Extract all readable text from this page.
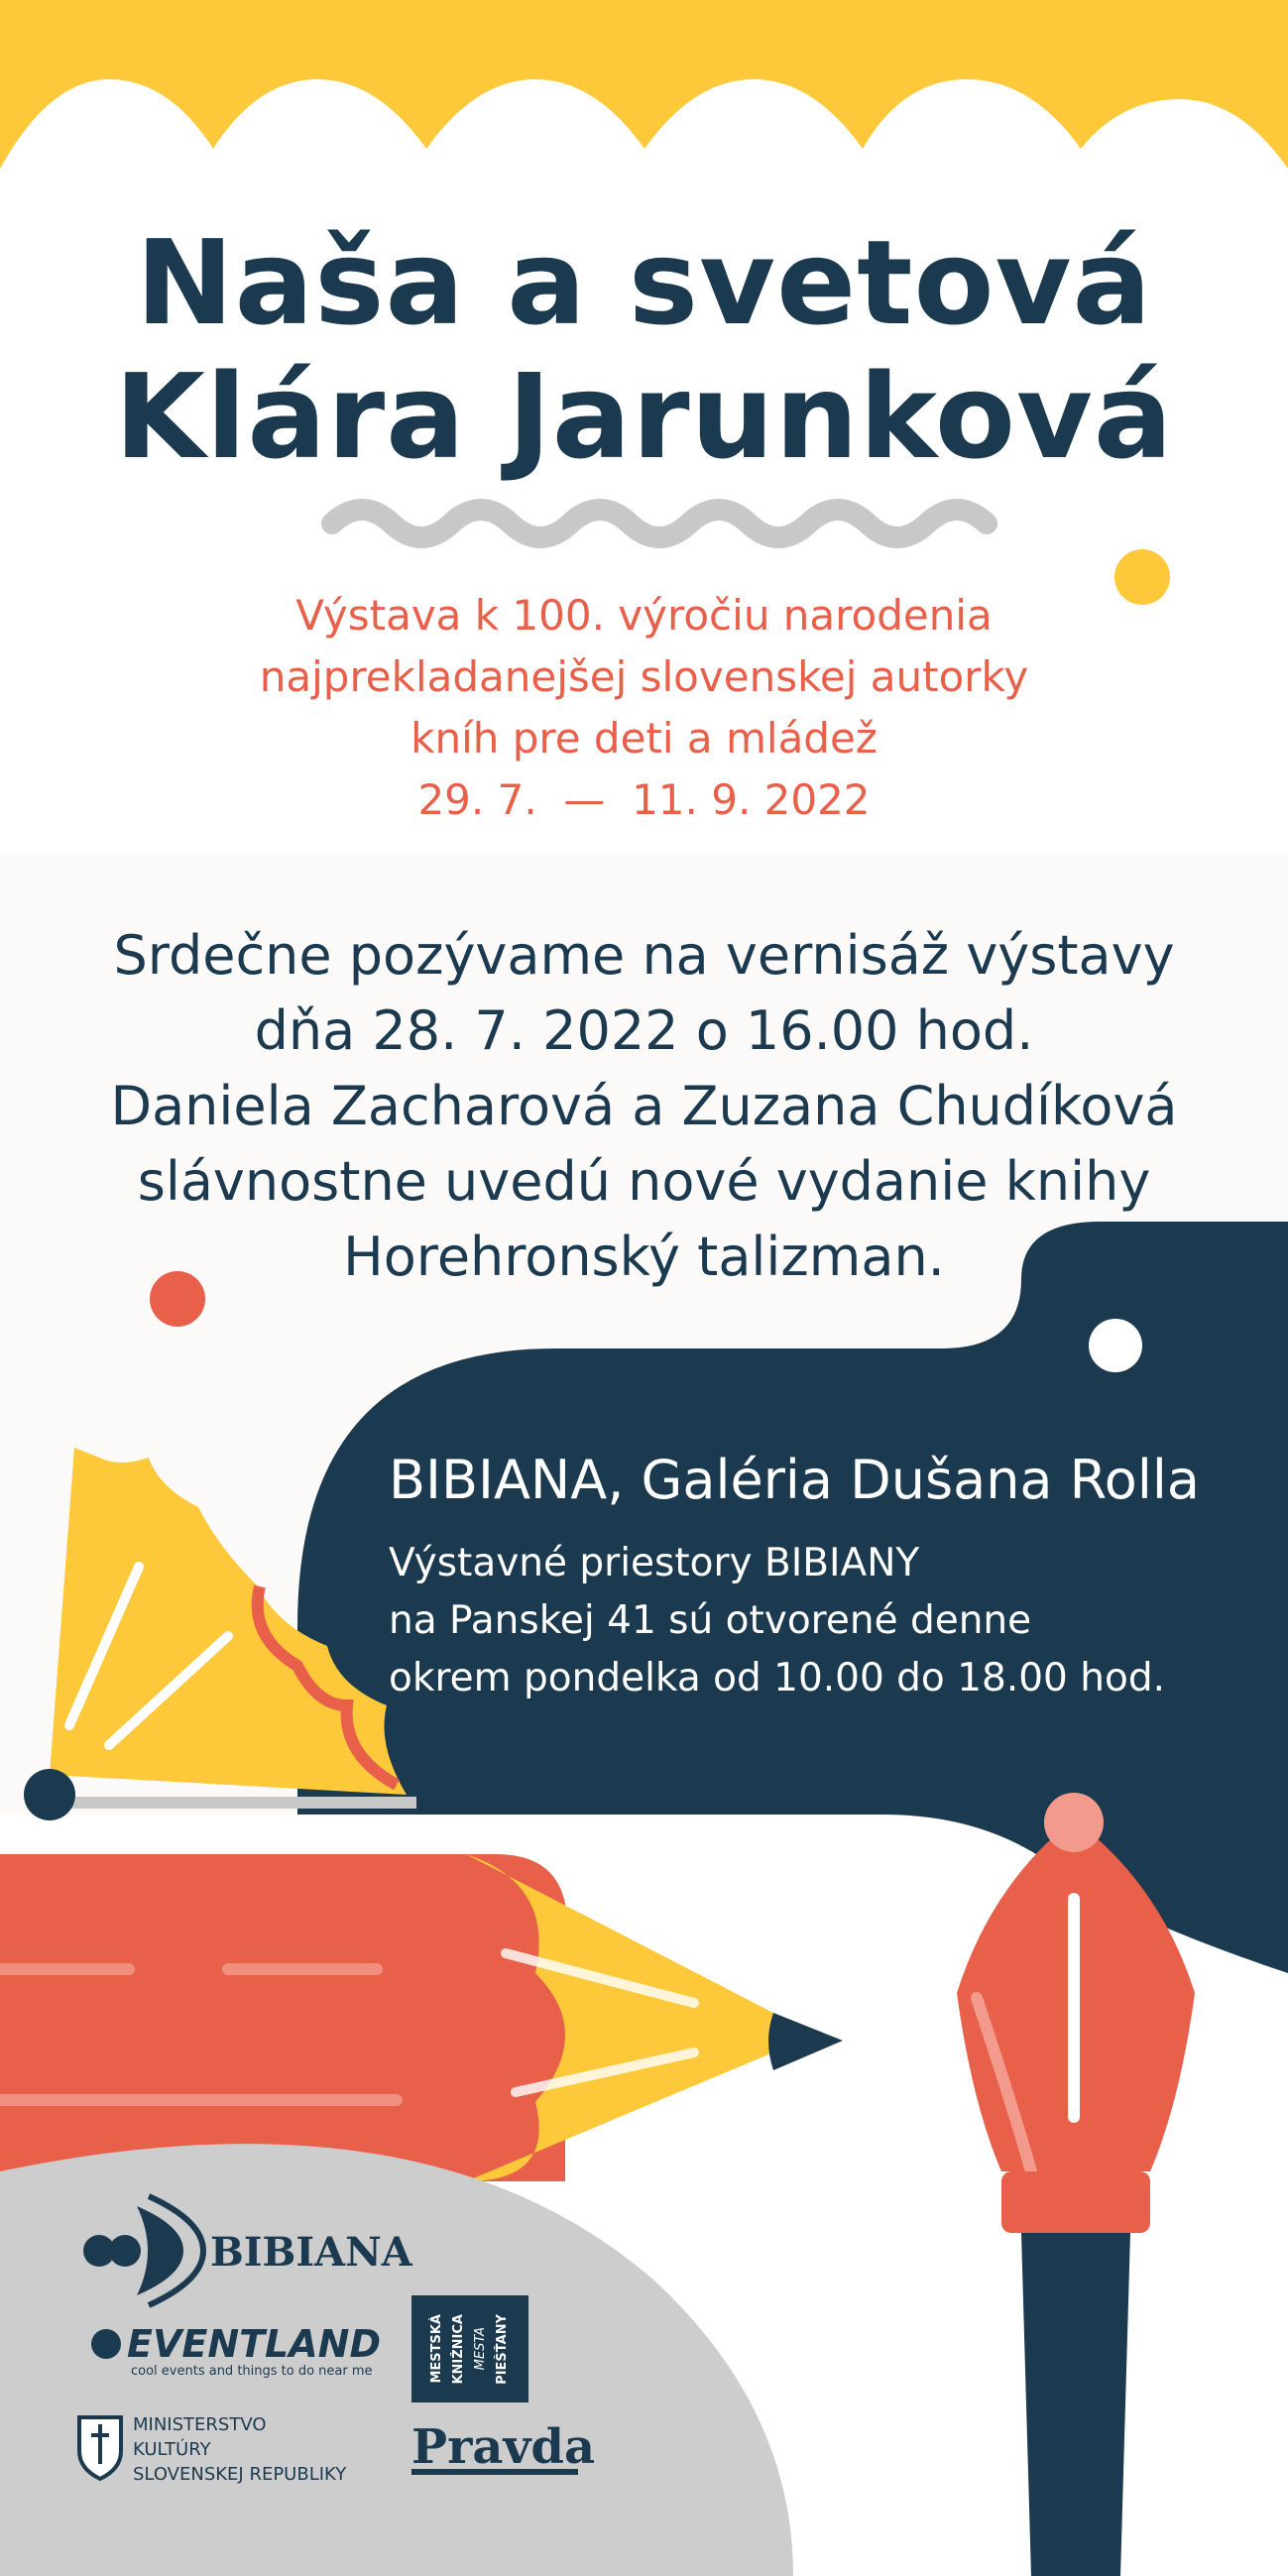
Naša a svetová
Klára Jarunková
Výstava k 100. výročiu narodenia
najprekladanejšej slovenskej autorky
kníh pre deti a mládež
29. 7.  —  11. 9. 2022
Srdečne pozývame na vernisáž výstavy
dňa 28. 7. 2022 o 16.00 hod.
Daniela Zacharová a Zuzana Chudíková
slávnostne uvedú nové vydanie knihy
Horehronský talizman.
BIBIANA, Galéria Dušana Rolla
Výstavné priestory BIBIANY
na Panskej 41 sú otvorené denne
okrem pondelka od 10.00 do 18.00 hod.
BIBIANA
EVENTLAND
cool events and things to do near me
MINISTERSTVO
KULTÚRY
SLOVENSKEJ REPUBLIKY
MESTSKÁ KNIŽNICA MESTA PIEŠŤANY
Pravda
